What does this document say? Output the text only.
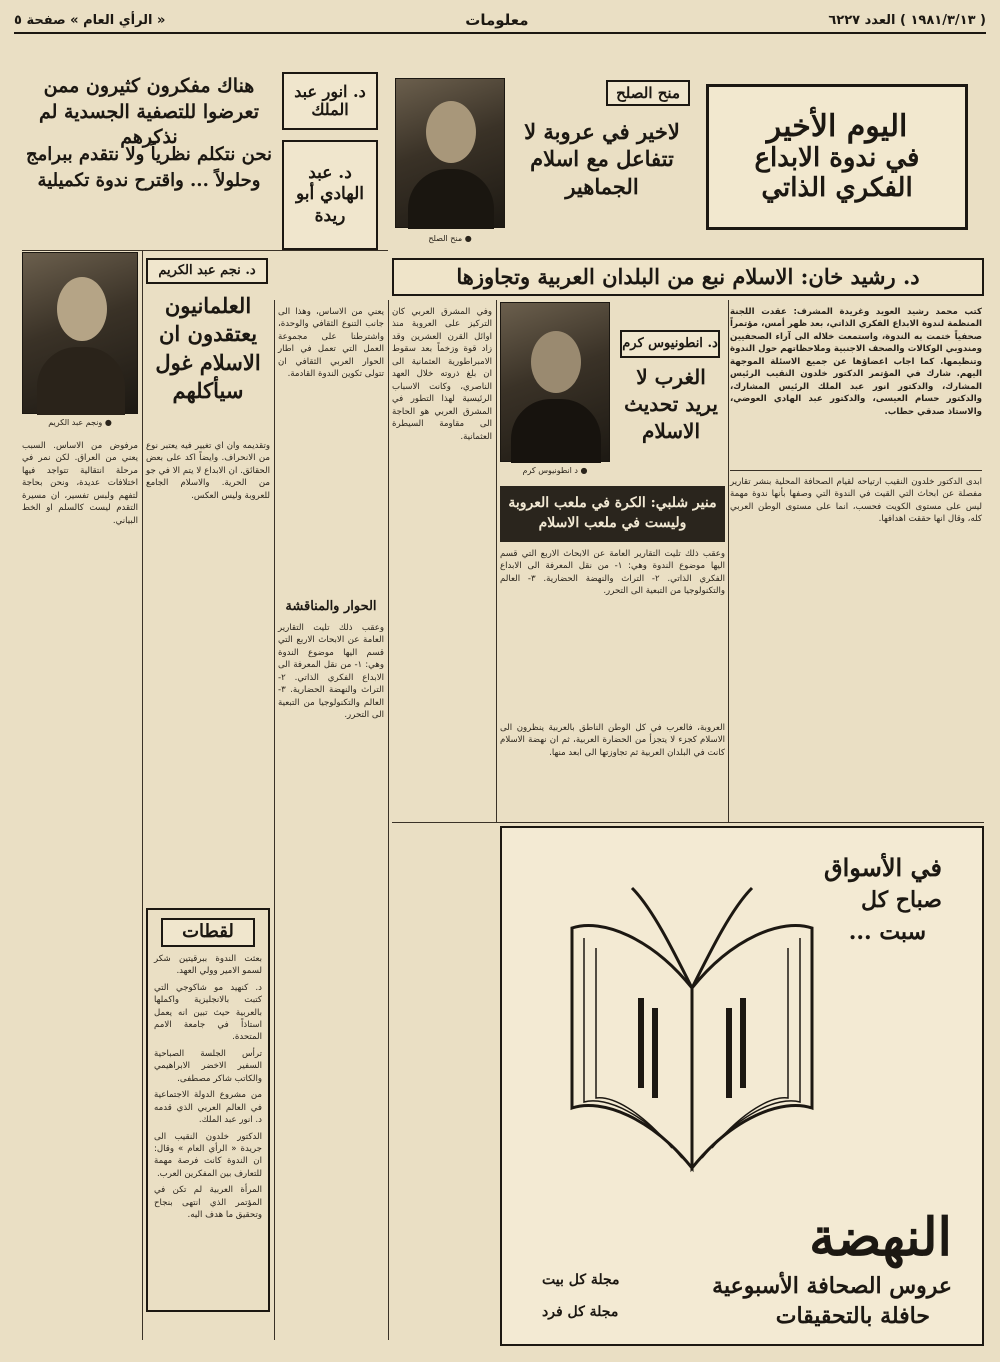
( ١٩٨١/٣/١٣ ) العدد ٦٢٢٧
معلومات
« الرأي العام » صفحة ٥
اليوم الأخير
في ندوة الابداع
الفكري الذاتي
منح الصلح
لاخير في عروبة لا تتفاعل مع اسلام الجماهير
● منح الصلح
د. انور عبد الملك
هناك مفكرون كثيرون ممن تعرضوا للتصفية الجسدية لم نذكرهم
د. عبد الهادي أبو ريدة
نحن نتكلم نظرياً ولا نتقدم ببرامج وحلولاً ... واقترح ندوة تكميلية
د. رشيد خان: الاسلام نبع من البلدان العربية وتجاوزها
كتب محمد رشيد العويد وغريدة المشرف: عقدت اللجنة المنظمة لندوة الابداع الفكري الذاتي، بعد ظهر أمس، مؤتمراً صحفياً ختمت به الندوة، واستمعت خلاله الى آراء الصحفيين ومندوبي الوكالات والصحف الاجنبية وملاحظاتهم حول الندوة وتنظيمها. كما اجاب اعضاؤها عن جميع الاسئلة الموجهة اليهم. شارك في المؤتمر الدكتور خلدون النقيب الرئيس المشارك، والدكتور انور عبد الملك الرئيس المشارك، والدكتور حسام العيسى، والدكتور عبد الهادي العوضي، والاستاذ صدقي حطاب.
ابدى الدكتور خلدون النقيب ارتياحه لقيام الصحافة المحلية بنشر تقارير مفصلة عن ابحاث التي القيت في الندوة التي وصفها بأنها ندوة مهمة ليس على مستوى الكويت فحسب، انما على مستوى الوطن العربي كله، وقال انها حققت اهدافها.
وفي المشرق العربي كان التركيز على العروبة منذ اوائل القرن العشرين وقد زاد قوة وزخماً بعد سقوط الامبراطورية العثمانية الى ان بلغ ذروته خلال العهد الناصري، وكانت الاسباب الرئيسية لهذا التطور في المشرق العربي هو الحاجة الى مقاومة السيطرة العثمانية.
العروبة، فالعرب في كل الوطن الناطق بالعربية ينظرون الى الاسلام كجزء لا يتجزأ من الحضارة العربية، ثم ان نهضة الاسلام كانت في البلدان العربية ثم تجاوزتها الى ابعد منها.
● د انطونيوس كرم
د. انطونيوس كرم
الغرب لا يريد تحديث الاسلام
منير شلبي: الكرة في ملعب العروبة وليست في ملعب الاسلام
وعقب ذلك تليت التقارير العامة عن الابحاث الاربع التي قسم اليها موضوع الندوة وهي: ١- من نقل المعرفة الى الابداع الفكري الذاتي. ٢- التراث والنهضة الحضارية. ٣- العالم والتكنولوجيا من التبعية الى التحرر.
● ونجم عبد الكريم
د. نجم عبد الكريم
العلمانيون يعتقدون ان الاسلام غول سيأكلهم
مرفوض من الاساس. السبب يعني من العراق. لكن نمر في مرحلة انتقالية تتواجد فيها اختلافات عديدة، ونحن بحاجة لتفهم ولبس تفسير، ان مسيرة التقدم ليست كالسلم او الخط البياني.
وتقديمه وان اي تغيير فيه يعتبر نوع من الانحراف. وايضاً اكد على بعض الحقائق. ان الابداع لا يتم الا في جو من الحرية. والاسلام الجامع للعروبة وليس العكس.
يعني من الاساس، وهذا الى جانب التنوع الثقافي والوحدة، واشترطنا على مجموعة العمل التي تعمل في اطار الحوار العربي الثقافي ان تتولى تكوين الندوة القادمة.
الحوار والمناقشة
وعقب ذلك تليت التقارير العامة عن الابحاث الاربع التي قسم اليها موضوع الندوة وهي: ١- من نقل المعرفة الى الابداع الفكري الذاتي. ٢- التراث والنهضة الحضارية. ٣- العالم والتكنولوجيا من التبعية الى التحرر.
لقطات

بعثت الندوة ببرقيتين شكر لسمو الامير وولي العهد.

د. كنهيد مو شاكوجي التي كتبت بالانجليزية واكملها بالعربية حيث تبين انه يعمل استاذاً في جامعة الامم المتحدة.

ترأس الجلسة الصباحية السفير الاخضر الابراهيمي والكاتب شاكر مصطفى.

من مشروع الدولة الاجتماعية في العالم العربي الذي قدمه د. انور عبد الملك.

الدكتور خلدون النقيب الى جريدة « الرأي العام » وقال: ان الندوة كانت فرصة مهمة للتعارف بين المفكرين العرب.

المرأة العربية لم تكن في المؤتمر الذي انتهى بنجاح وتحقيق ما هدف اليه.

في الأسواق
صباح كل
سبت ...
النهضة
عروس الصحافة الأسبوعية
حافلة بالتحقيقات
مجلة كل بيت
مجلة كل فرد
